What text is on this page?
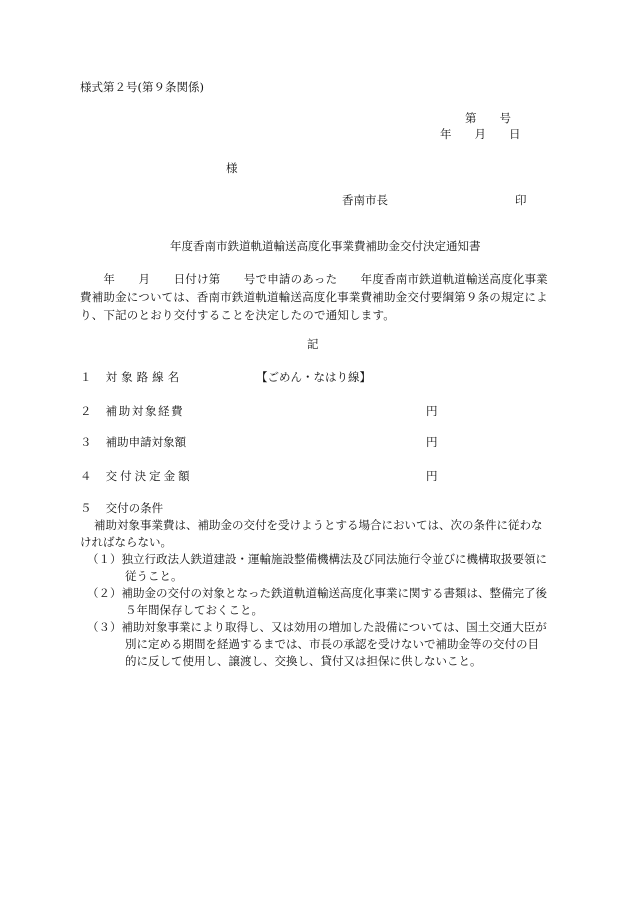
様式第２号(第９条関係)
第　　号
年　　月　　日
様
香南市長	印
年度香南市鉄道軌道輸送高度化事業費補助金交付決定通知書
　　年　　月　　日付け第　　号で申請のあった　　年度香南市鉄道軌道輸送高度化事業費補助金については、香南市鉄道軌道輸送高度化事業費補助金交付要綱第９条の規定により、下記のとおり交付することを決定したので通知します。
記
１ 対象路線名	【ごめん・なはり線】
２ 補助対象経費	円
３ 補助申請対象額	円
４ 交付決定金額	円
５ 交付の条件
補助対象事業費は、補助金の交付を受けようとする場合においては、次の条件に従わなければならない。
（１）独立行政法人鉄道建設・運輸施設整備機構法及び同法施行令並びに機構取扱要領に従うこと。
（２）補助金の交付の対象となった鉄道軌道輸送高度化事業に関する書類は、整備完了後５年間保存しておくこと。
（３）補助対象事業により取得し、又は効用の増加した設備については、国土交通大臣が別に定める期間を経過するまでは、市長の承認を受けないで補助金等の交付の目的に反して使用し、譲渡し、交換し、貸付又は担保に供しないこと。
